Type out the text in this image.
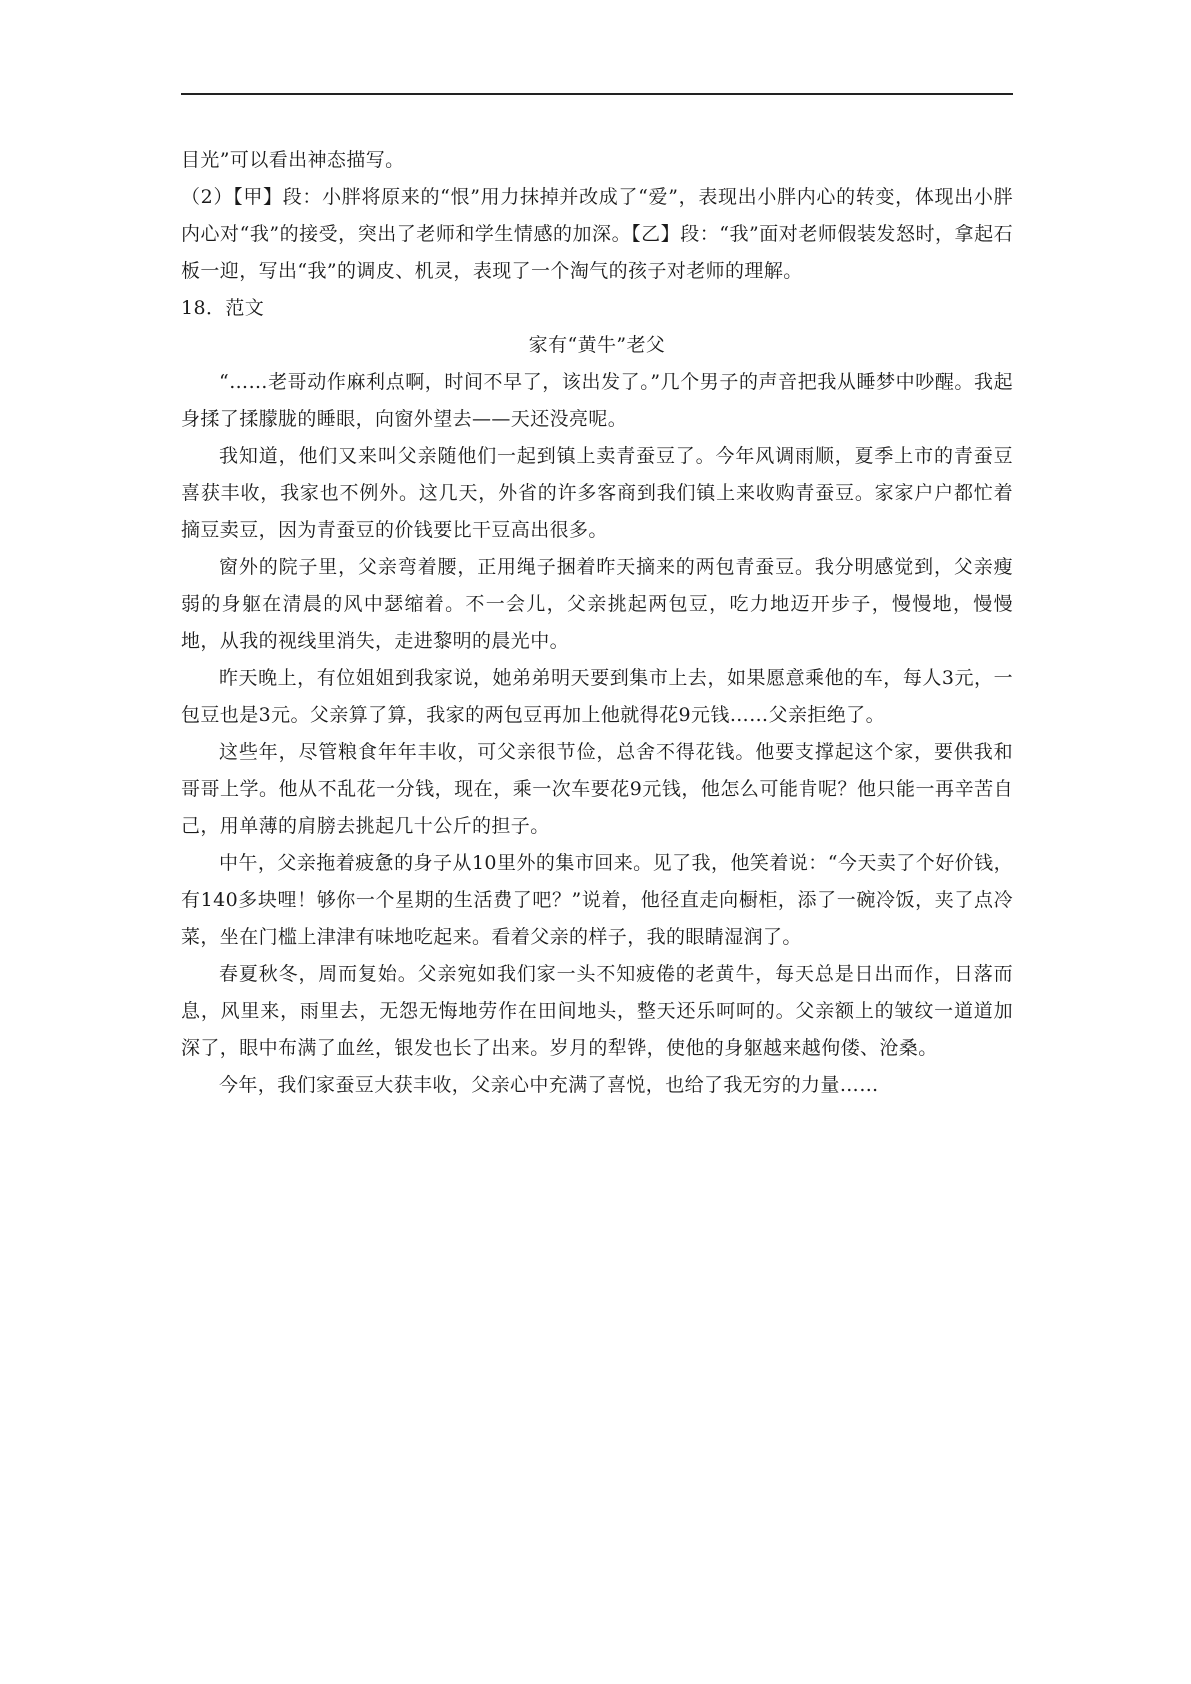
目光”可以看出神态描写。

（2）【甲】段：小胖将原来的“恨”用力抹掉并改成了“爱”，表现出小胖内心的转变，体现出小胖内心对“我”的接受，突出了老师和学生情感的加深。【乙】段：“我”面对老师假装发怒时，拿起石板一迎，写出“我”的调皮、机灵，表现了一个淘气的孩子对老师的理解。

18．范文

家有“黄牛”老父

“……老哥动作麻利点啊，时间不早了，该出发了。”几个男子的声音把我从睡梦中吵醒。我起身揉了揉朦胧的睡眼，向窗外望去——天还没亮呢。

我知道，他们又来叫父亲随他们一起到镇上卖青蚕豆了。今年风调雨顺，夏季上市的青蚕豆喜获丰收，我家也不例外。这几天，外省的许多客商到我们镇上来收购青蚕豆。家家户户都忙着摘豆卖豆，因为青蚕豆的价钱要比干豆高出很多。

窗外的院子里，父亲弯着腰，正用绳子捆着昨天摘来的两包青蚕豆。我分明感觉到，父亲瘦弱的身躯在清晨的风中瑟缩着。不一会儿，父亲挑起两包豆，吃力地迈开步子，慢慢地，慢慢地，从我的视线里消失，走进黎明的晨光中。

昨天晚上，有位姐姐到我家说，她弟弟明天要到集市上去，如果愿意乘他的车，每人3元，一包豆也是3元。父亲算了算，我家的两包豆再加上他就得花9元钱……父亲拒绝了。

这些年，尽管粮食年年丰收，可父亲很节俭，总舍不得花钱。他要支撑起这个家，要供我和哥哥上学。他从不乱花一分钱，现在，乘一次车要花9元钱，他怎么可能肯呢？他只能一再辛苦自己，用单薄的肩膀去挑起几十公斤的担子。

中午，父亲拖着疲惫的身子从10里外的集市回来。见了我，他笑着说：“今天卖了个好价钱，有140多块哩！够你一个星期的生活费了吧？”说着，他径直走向橱柜，添了一碗冷饭，夹了点冷菜，坐在门槛上津津有味地吃起来。看着父亲的样子，我的眼睛湿润了。

春夏秋冬，周而复始。父亲宛如我们家一头不知疲倦的老黄牛，每天总是日出而作，日落而息，风里来，雨里去，无怨无悔地劳作在田间地头，整天还乐呵呵的。父亲额上的皱纹一道道加深了，眼中布满了血丝，银发也长了出来。岁月的犁铧，使他的身躯越来越佝偻、沧桑。

今年，我们家蚕豆大获丰收，父亲心中充满了喜悦，也给了我无穷的力量……
